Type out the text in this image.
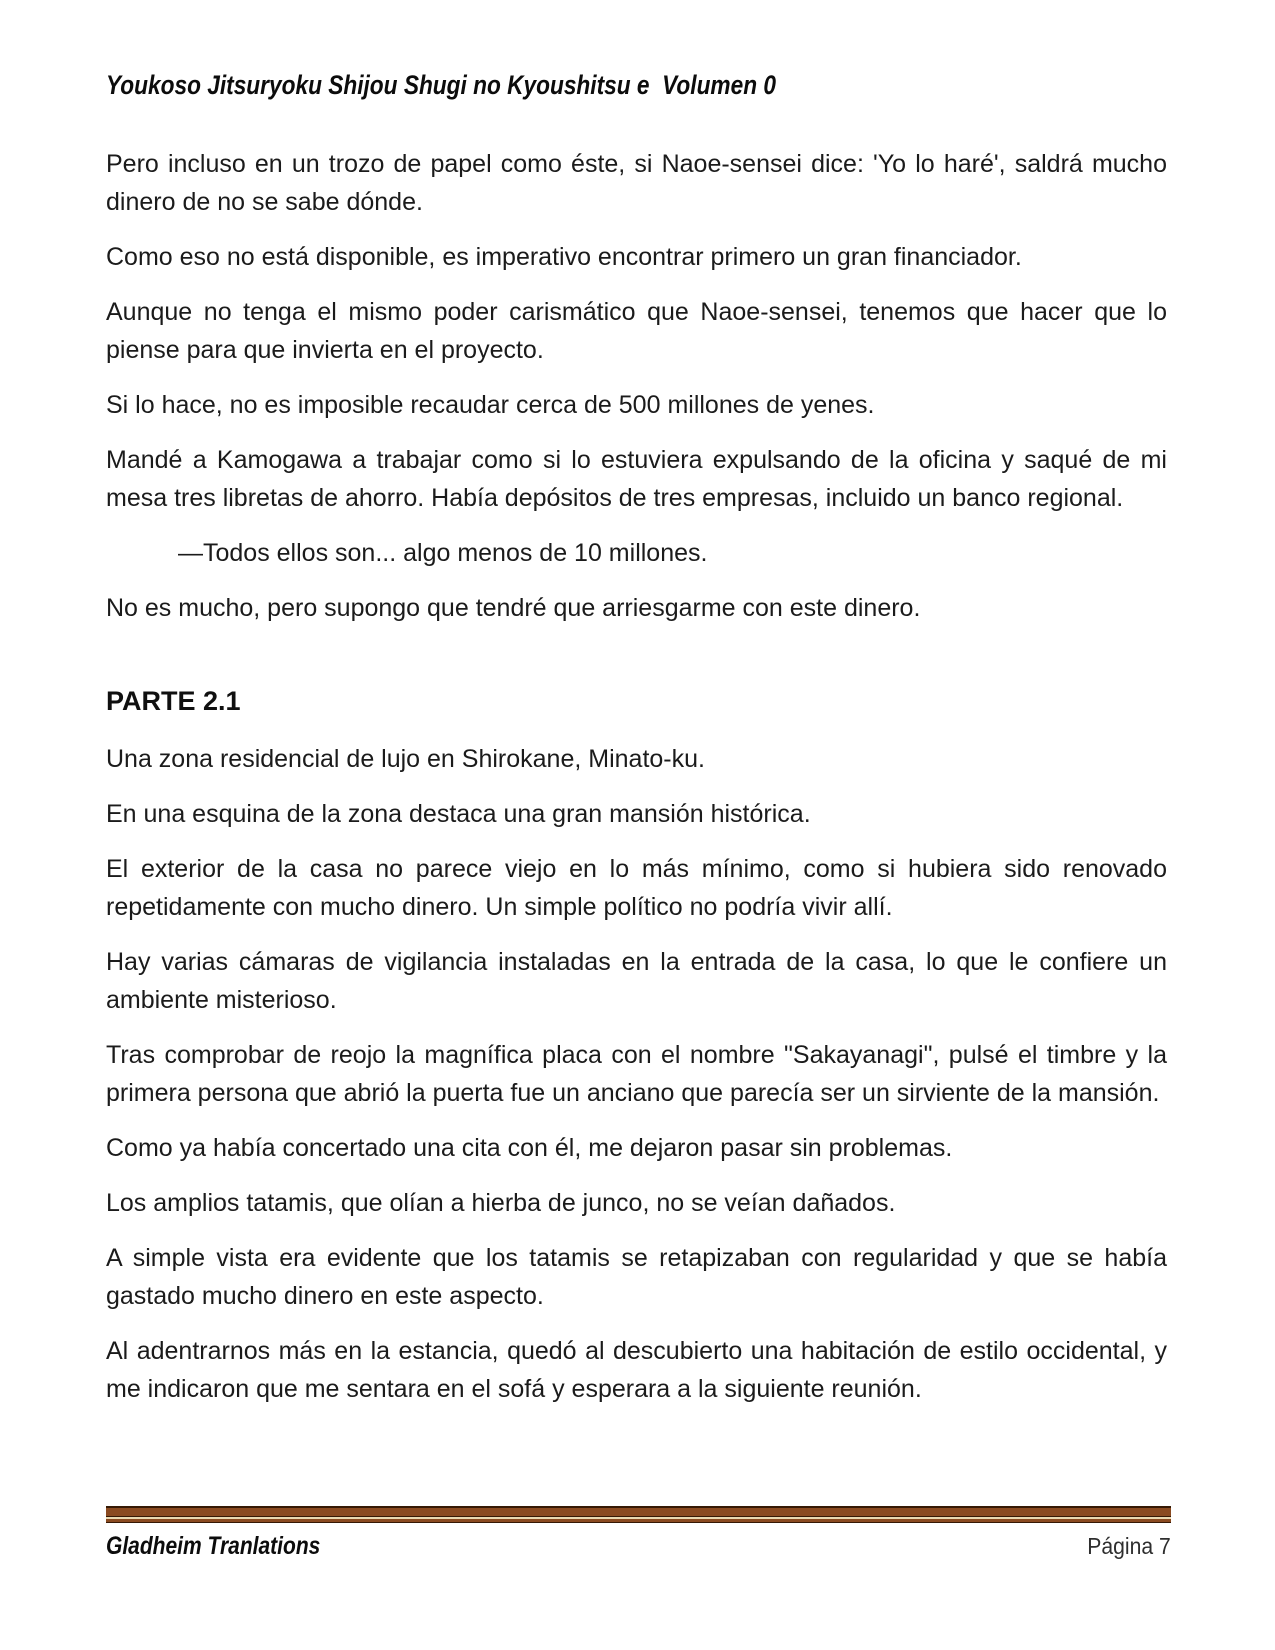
Youkoso Jitsuryoku Shijou Shugi no Kyoushitsu e  Volumen 0

Pero incluso en un trozo de papel como éste, si Naoe-sensei dice: 'Yo lo haré', saldrá mucho dinero de no se sabe dónde.

Como eso no está disponible, es imperativo encontrar primero un gran financiador.

Aunque no tenga el mismo poder carismático que Naoe-sensei, tenemos que hacer que lo piense para que invierta en el proyecto.

Si lo hace, no es imposible recaudar cerca de 500 millones de yenes.

Mandé a Kamogawa a trabajar como si lo estuviera expulsando de la oficina y saqué de mi mesa tres libretas de ahorro. Había depósitos de tres empresas, incluido un banco regional.

—Todos ellos son... algo menos de 10 millones.

No es mucho, pero supongo que tendré que arriesgarme con este dinero.

PARTE 2.1

Una zona residencial de lujo en Shirokane, Minato-ku.

En una esquina de la zona destaca una gran mansión histórica.

El exterior de la casa no parece viejo en lo más mínimo, como si hubiera sido renovado repetidamente con mucho dinero. Un simple político no podría vivir allí.

Hay varias cámaras de vigilancia instaladas en la entrada de la casa, lo que le confiere un ambiente misterioso.

Tras comprobar de reojo la magnífica placa con el nombre "Sakayanagi", pulsé el timbre y la primera persona que abrió la puerta fue un anciano que parecía ser un sirviente de la mansión.

Como ya había concertado una cita con él, me dejaron pasar sin problemas.

Los amplios tatamis, que olían a hierba de junco, no se veían dañados.

A simple vista era evidente que los tatamis se retapizaban con regularidad y que se había gastado mucho dinero en este aspecto.

Al adentrarnos más en la estancia, quedó al descubierto una habitación de estilo occidental, y me indicaron que me sentara en el sofá y esperara a la siguiente reunión.

Gladheim Tranlations	Página 7
